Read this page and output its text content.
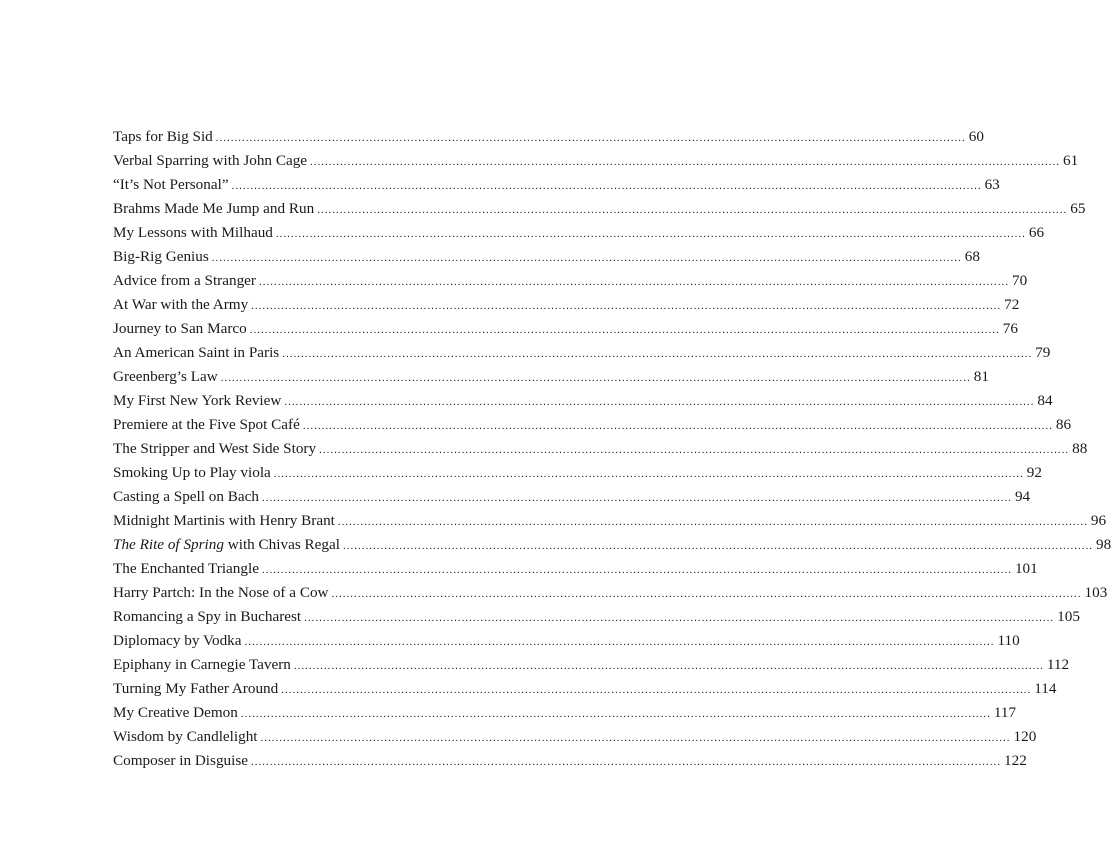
Taps for Big Sid ........................................................................................................................................................................................................ 60
Verbal Sparring with John Cage ........................................................................................................................................................................................................ 61
“It’s Not Personal” ........................................................................................................................................................................................................ 63
Brahms Made Me Jump and Run ........................................................................................................................................................................................................ 65
My Lessons with Milhaud ........................................................................................................................................................................................................ 66
Big-Rig Genius ........................................................................................................................................................................................................ 68
Advice from a Stranger ........................................................................................................................................................................................................ 70
At War with the Army ........................................................................................................................................................................................................ 72
Journey to San Marco ........................................................................................................................................................................................................ 76
An American Saint in Paris ........................................................................................................................................................................................................ 79
Greenberg’s Law ........................................................................................................................................................................................................ 81
My First New York Review ........................................................................................................................................................................................................ 84
Premiere at the Five Spot Café ........................................................................................................................................................................................................ 86
The Stripper and West Side Story ........................................................................................................................................................................................................ 88
Smoking Up to Play viola ........................................................................................................................................................................................................ 92
Casting a Spell on Bach ........................................................................................................................................................................................................ 94
Midnight Martinis with Henry Brant ........................................................................................................................................................................................................ 96
The Rite of Spring with Chivas Regal ........................................................................................................................................................................................................ 98
The Enchanted Triangle ........................................................................................................................................................................................................ 101
Harry Partch: In the Nose of a Cow ........................................................................................................................................................................................................ 103
Romancing a Spy in Bucharest ........................................................................................................................................................................................................ 105
Diplomacy by Vodka ........................................................................................................................................................................................................ 110
Epiphany in Carnegie Tavern ........................................................................................................................................................................................................ 112
Turning My Father Around ........................................................................................................................................................................................................ 114
My Creative Demon ........................................................................................................................................................................................................ 117
Wisdom by Candlelight ........................................................................................................................................................................................................ 120
Composer in Disguise ........................................................................................................................................................................................................ 122
